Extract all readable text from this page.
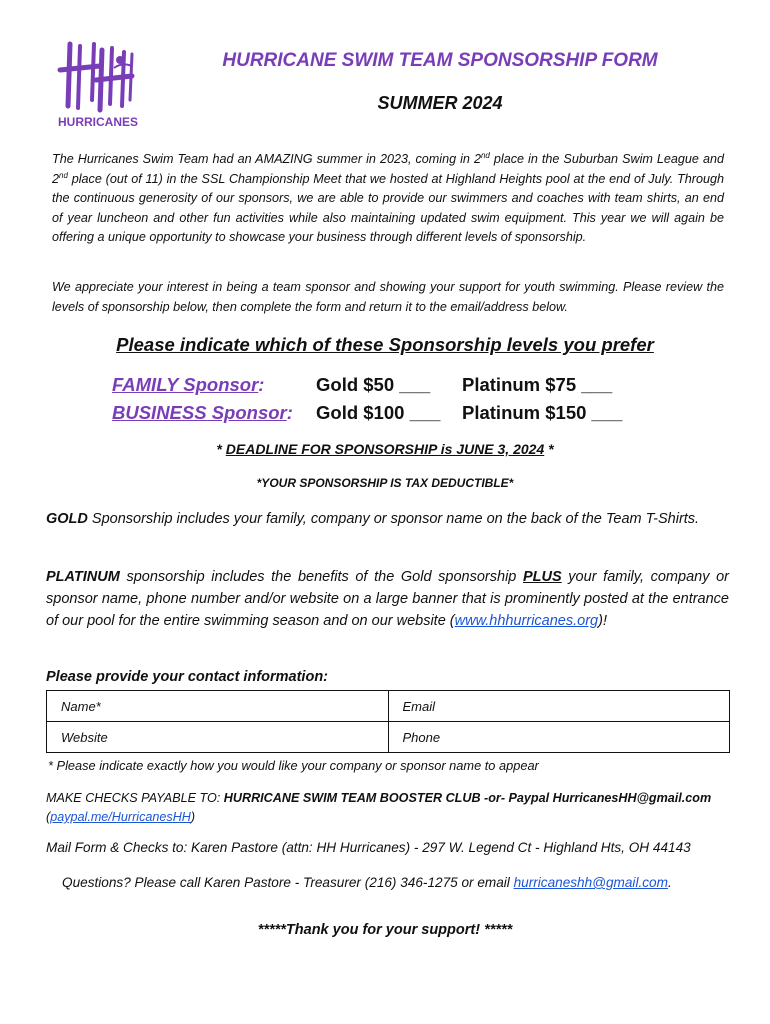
HURRICANES
HURRICANE SWIM TEAM SPONSORSHIP FORM
SUMMER 2024
The Hurricanes Swim Team had an AMAZING summer in 2023, coming in 2nd place in the Suburban Swim League and 2nd place (out of 11) in the SSL Championship Meet that we hosted at Highland Heights pool at the end of July. Through the continuous generosity of our sponsors, we are able to provide our swimmers and coaches with team shirts, an end of year luncheon and other fun activities while also maintaining updated swim equipment. This year we will again be offering a unique opportunity to showcase your business through different levels of sponsorship.
We appreciate your interest in being a team sponsor and showing your support for youth swimming. Please review the levels of sponsorship below, then complete the form and return it to the email/address below.
Please indicate which of these Sponsorship levels you prefer
FAMILY Sponsor:	Gold $50 ___ Platinum $75 ___
BUSINESS Sponsor: Gold $100 ___ Platinum $150 ___
* DEADLINE FOR SPONSORSHIP is JUNE 3, 2024 *
*YOUR SPONSORSHIP IS TAX DEDUCTIBLE*
GOLD Sponsorship includes your family, company or sponsor name on the back of the Team T-Shirts.
PLATINUM sponsorship includes the benefits of the Gold sponsorship PLUS your family, company or sponsor name, phone number and/or website on a large banner that is prominently posted at the entrance of our pool for the entire swimming season and on our website (www.hhhurricanes.org)!
Please provide your contact information:
Name*	Email
Website	Phone
* Please indicate exactly how you would like your company or sponsor name to appear
MAKE CHECKS PAYABLE TO: HURRICANE SWIM TEAM BOOSTER CLUB -or- Paypal HurricanesHH@gmail.com
(paypal.me/HurricanesHH)
Mail Form & Checks to: Karen Pastore (attn: HH Hurricanes) - 297 W. Legend Ct - Highland Hts, OH 44143
Questions? Please call Karen Pastore - Treasurer (216) 346-1275 or email hurricaneshh@gmail.com.
*****Thank you for your support! *****
